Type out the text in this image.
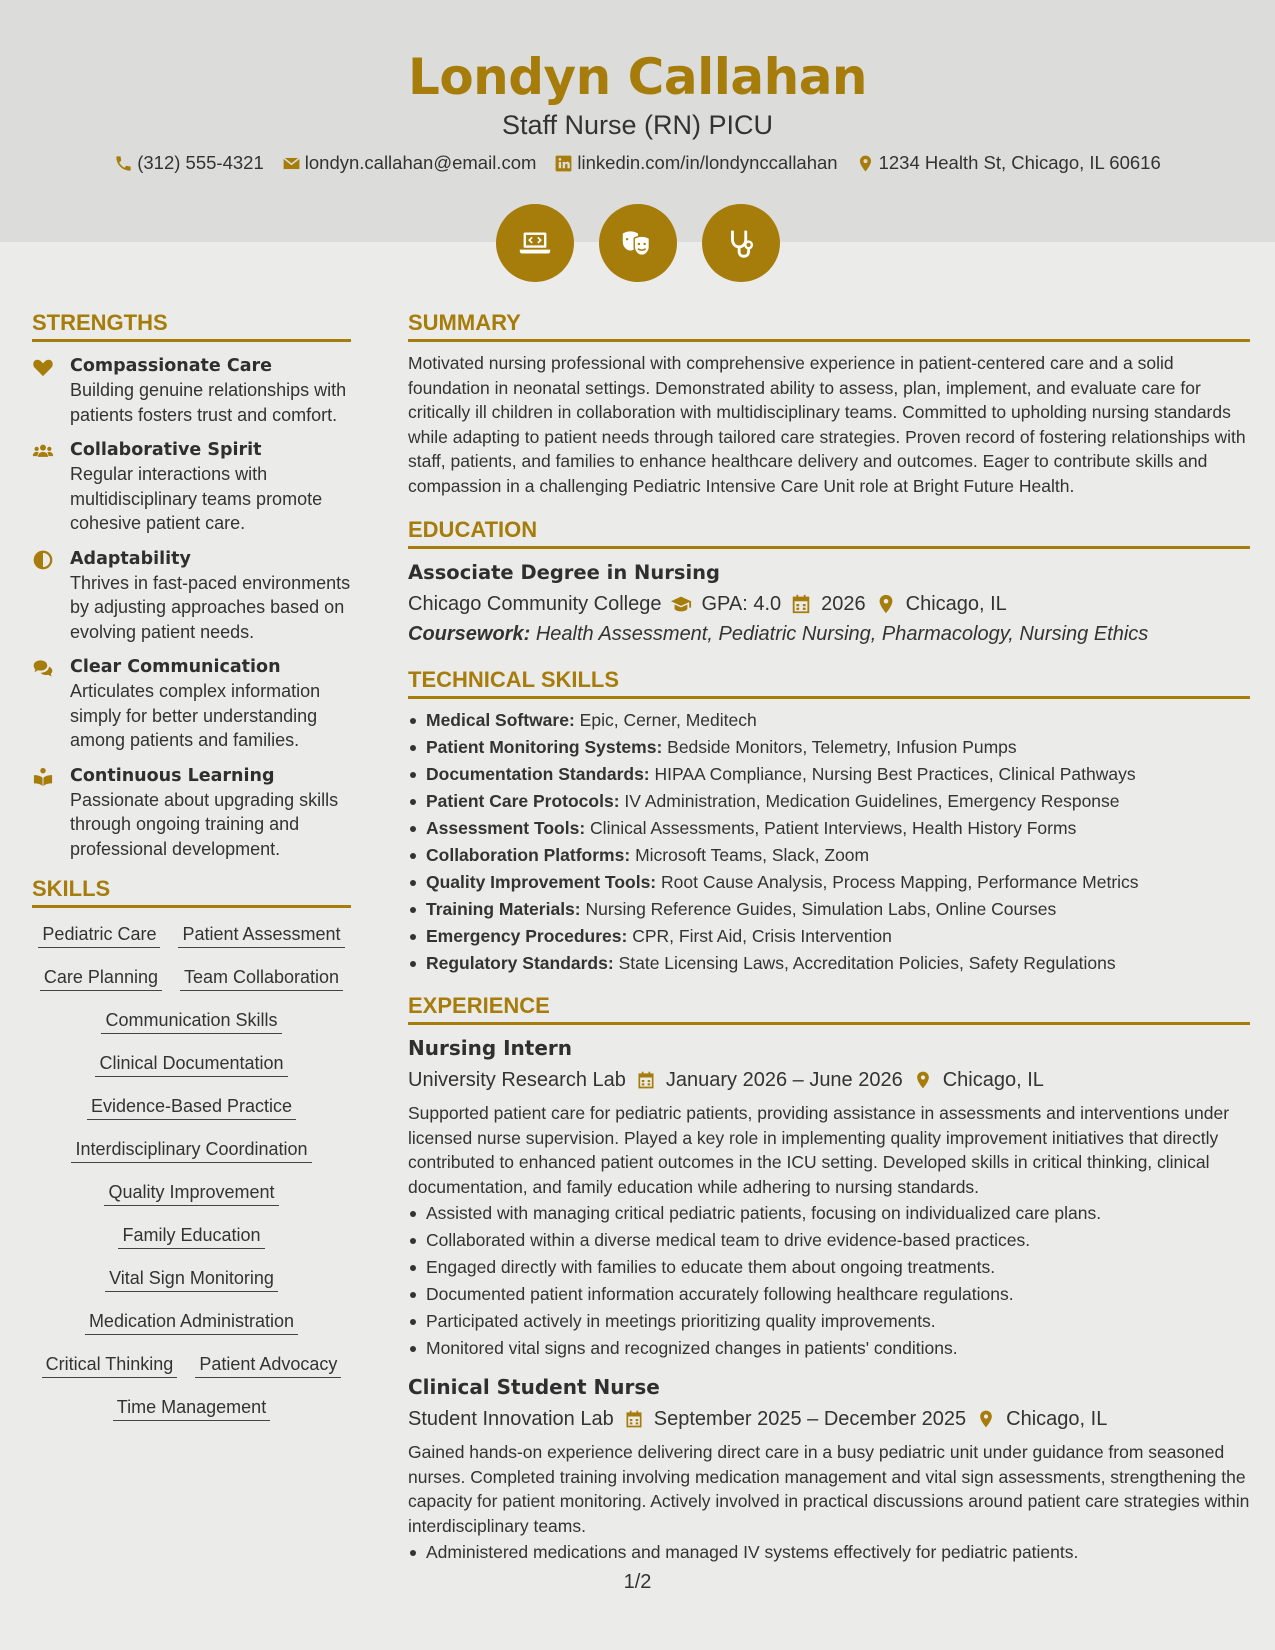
Londyn Callahan
Staff Nurse (RN) PICU
(312) 555-4321 londyn.callahan@email.com linkedin.com/in/londynccallahan 1234 Health St, Chicago, IL 60616
STRENGTHS
Compassionate Care
Building genuine relationships with patients fosters trust and comfort.
Collaborative Spirit
Regular interactions with multidisciplinary teams promote cohesive patient care.
Adaptability
Thrives in fast-paced environments by adjusting approaches based on evolving patient needs.
Clear Communication
Articulates complex information simply for better understanding among patients and families.
Continuous Learning
Passionate about upgrading skills through ongoing training and professional development.
SKILLS
Pediatric Care Patient Assessment
Care Planning Team Collaboration
Communication Skills
Clinical Documentation
Evidence-Based Practice
Interdisciplinary Coordination
Quality Improvement
Family Education
Vital Sign Monitoring
Medication Administration
Critical Thinking Patient Advocacy
Time Management
SUMMARY
Motivated nursing professional with comprehensive experience in patient-centered care and a solid foundation in neonatal settings. Demonstrated ability to assess, plan, implement, and evaluate care for critically ill children in collaboration with multidisciplinary teams. Committed to upholding nursing standards while adapting to patient needs through tailored care strategies. Proven record of fostering relationships with staff, patients, and families to enhance healthcare delivery and outcomes. Eager to contribute skills and compassion in a challenging Pediatric Intensive Care Unit role at Bright Future Health.
EDUCATION
Associate Degree in Nursing
Chicago Community College GPA: 4.0 2026 Chicago, IL
Coursework: Health Assessment, Pediatric Nursing, Pharmacology, Nursing Ethics
TECHNICAL SKILLS
Medical Software: Epic, Cerner, Meditech
Patient Monitoring Systems: Bedside Monitors, Telemetry, Infusion Pumps
Documentation Standards: HIPAA Compliance, Nursing Best Practices, Clinical Pathways
Patient Care Protocols: IV Administration, Medication Guidelines, Emergency Response
Assessment Tools: Clinical Assessments, Patient Interviews, Health History Forms
Collaboration Platforms: Microsoft Teams, Slack, Zoom
Quality Improvement Tools: Root Cause Analysis, Process Mapping, Performance Metrics
Training Materials: Nursing Reference Guides, Simulation Labs, Online Courses
Emergency Procedures: CPR, First Aid, Crisis Intervention
Regulatory Standards: State Licensing Laws, Accreditation Policies, Safety Regulations
EXPERIENCE
Nursing Intern
University Research Lab January 2026 – June 2026 Chicago, IL
Supported patient care for pediatric patients, providing assistance in assessments and interventions under licensed nurse supervision. Played a key role in implementing quality improvement initiatives that directly contributed to enhanced patient outcomes in the ICU setting. Developed skills in critical thinking, clinical documentation, and family education while adhering to nursing standards.
Assisted with managing critical pediatric patients, focusing on individualized care plans.
Collaborated within a diverse medical team to drive evidence-based practices.
Engaged directly with families to educate them about ongoing treatments.
Documented patient information accurately following healthcare regulations.
Participated actively in meetings prioritizing quality improvements.
Monitored vital signs and recognized changes in patients' conditions.
Clinical Student Nurse
Student Innovation Lab September 2025 – December 2025 Chicago, IL
Gained hands-on experience delivering direct care in a busy pediatric unit under guidance from seasoned nurses. Completed training involving medication management and vital sign assessments, strengthening the capacity for patient monitoring. Actively involved in practical discussions around patient care strategies within interdisciplinary teams.
Administered medications and managed IV systems effectively for pediatric patients.
1/2
